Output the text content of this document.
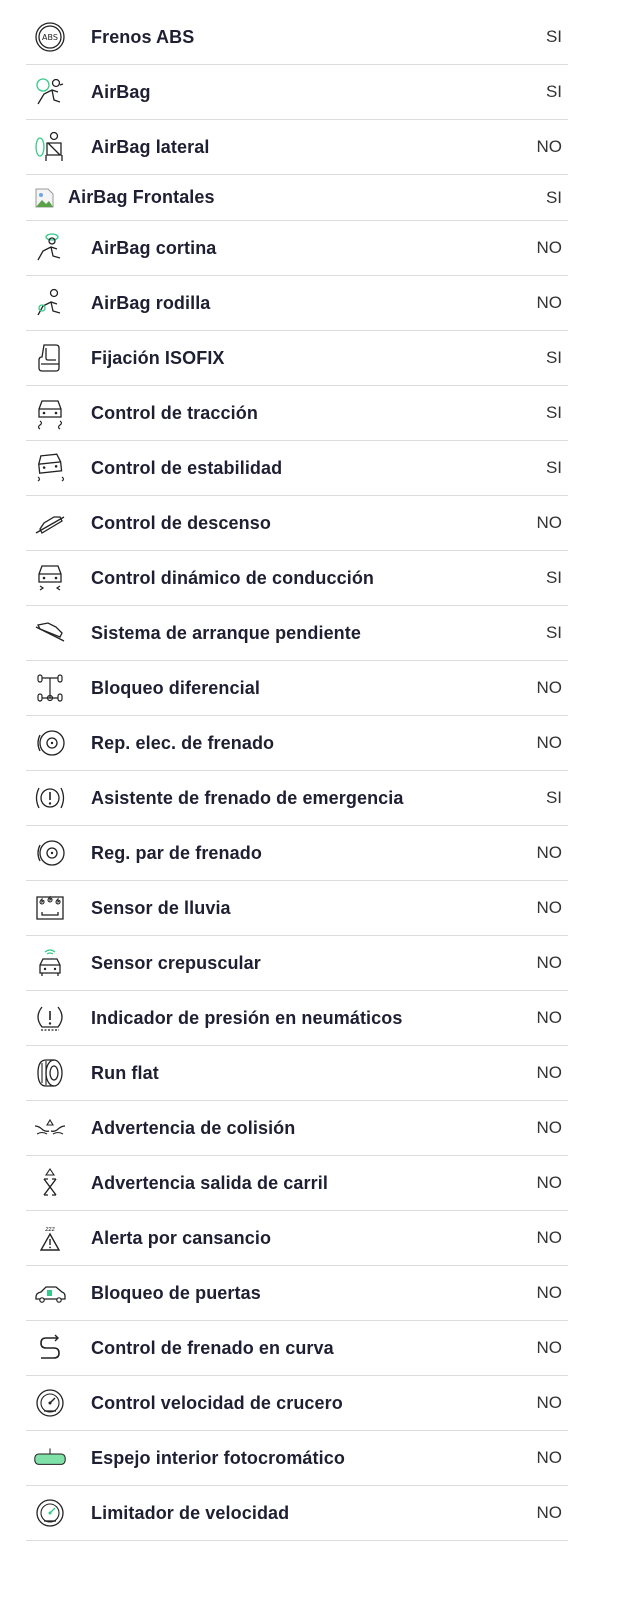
ABS Frenos ABS	SI
AirBag	SI
AirBag lateral	NO
AirBag Frontales	SI
AirBag cortina	NO
AirBag rodilla	NO
Fijación ISOFIX	SI
Control de tracción	SI
Control de estabilidad	SI
Control de descenso	NO
Control dinámico de conducción	SI
Sistema de arranque pendiente	SI
Bloqueo diferencial	NO
Rep. elec. de frenado	NO
Asistente de frenado de emergencia	SI
Reg. par de frenado	NO
Sensor de lluvia	NO
Sensor crepuscular	NO
Indicador de presión en neumáticos	NO
Run flat	NO
Advertencia de colisión	NO
Advertencia salida de carril	NO
zzz Alerta por cansancio	NO
Bloqueo de puertas	NO
Control de frenado en curva	NO
Control velocidad de crucero	NO
Espejo interior fotocromático	NO
Limitador de velocidad	NO
